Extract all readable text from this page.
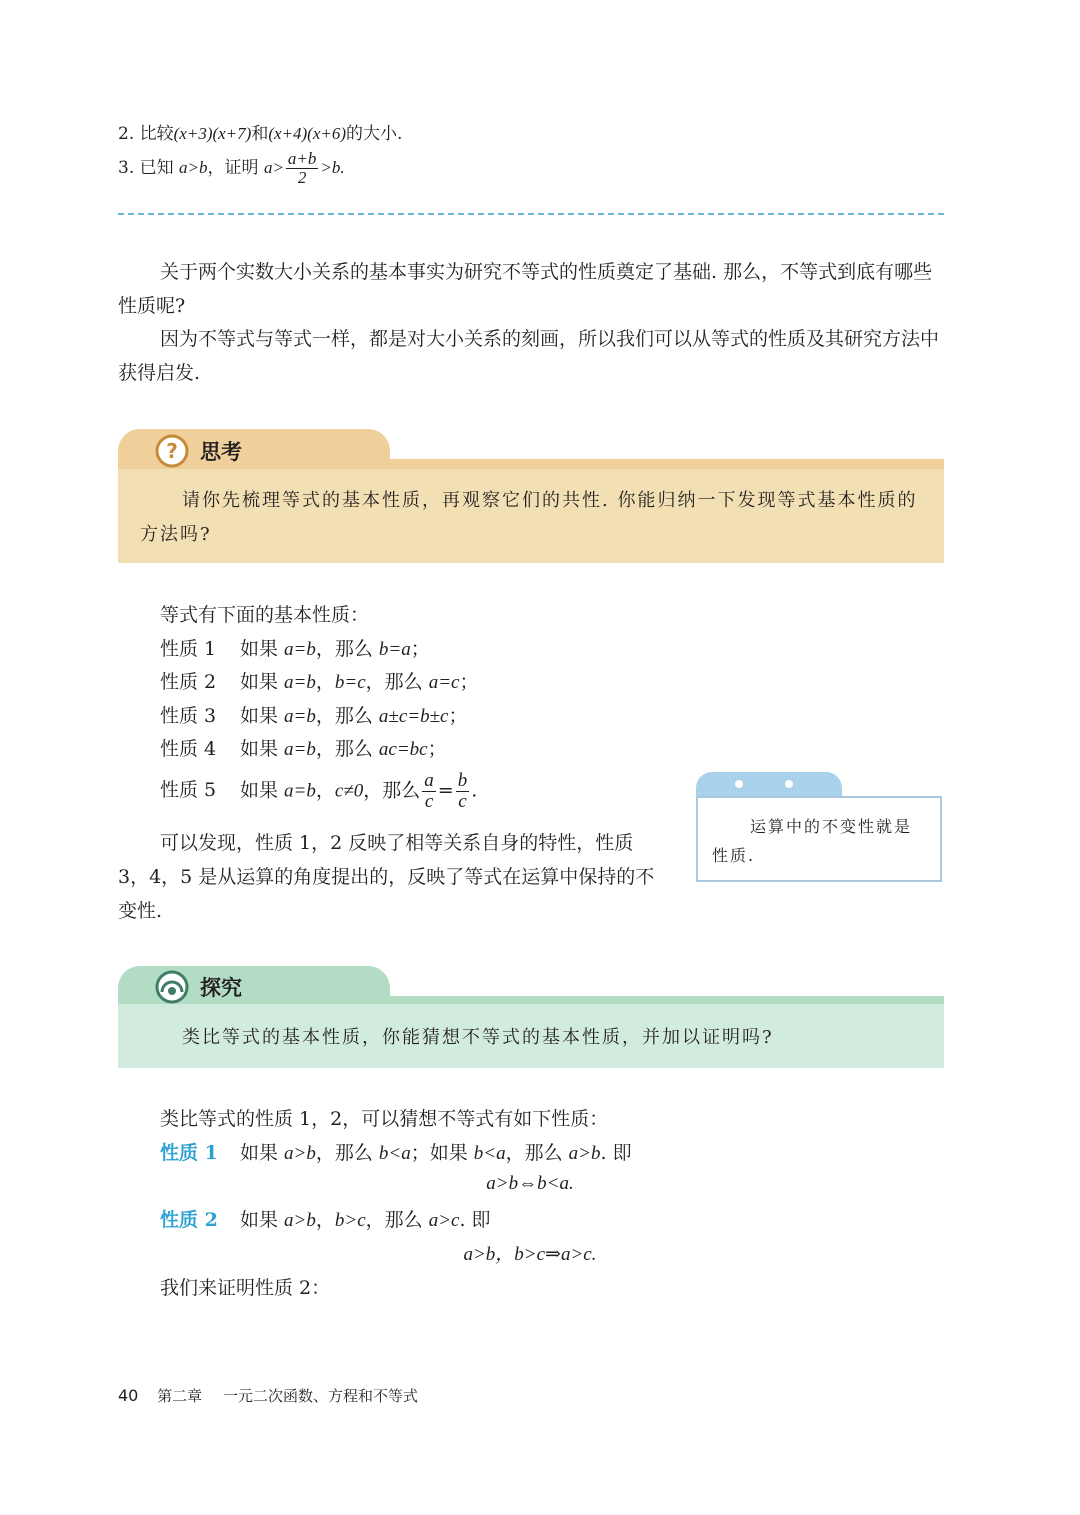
2. 比较(x+3)(x+7)和(x+4)(x+6)的大小.
3. 已知 a>b，证明 $a> \frac{a+b}{2} >b$.

关于两个实数大小关系的基本事实为研究不等式的性质奠定了基础. 那么，不等式到底有哪些性质呢?

因为不等式与等式一样，都是对大小关系的刻画，所以我们可以从等式的性质及其研究方法中获得启发.

? 思考
请你先梳理等式的基本性质，再观察它们的共性. 你能归纳一下发现等式基本性质的方法吗?
等式有下面的基本性质：
性质 1 如果 a=b，那么 b=a；
性质 2 如果 a=b，b=c，那么 a=c；
性质 3 如果 a=b，那么 a±c=b±c；
性质 4 如果 a=b，那么 ac=bc；
性质 5 如果 a=b，c≠0，那么 $\frac{a}{c} = \frac{b}{c}$ .

可以发现，性质 1，2 反映了相等关系自身的特性，性质 3，4，5 是从运算的角度提出的，反映了等式在运算中保持的不变性.

运算中的不变性就是性质.
探究
类比等式的基本性质，你能猜想不等式的基本性质，并加以证明吗?
类比等式的性质 1，2，可以猜想不等式有如下性质：
性质 1 如果 a>b，那么 b<a；如果 b<a，那么 a>b. 即
a>b⇔b<a.
性质 2 如果 a>b，b>c，那么 a>c. 即
a>b，b>c⇒a>c.
我们来证明性质 2：
40 第二章 一元二次函数、方程和不等式
